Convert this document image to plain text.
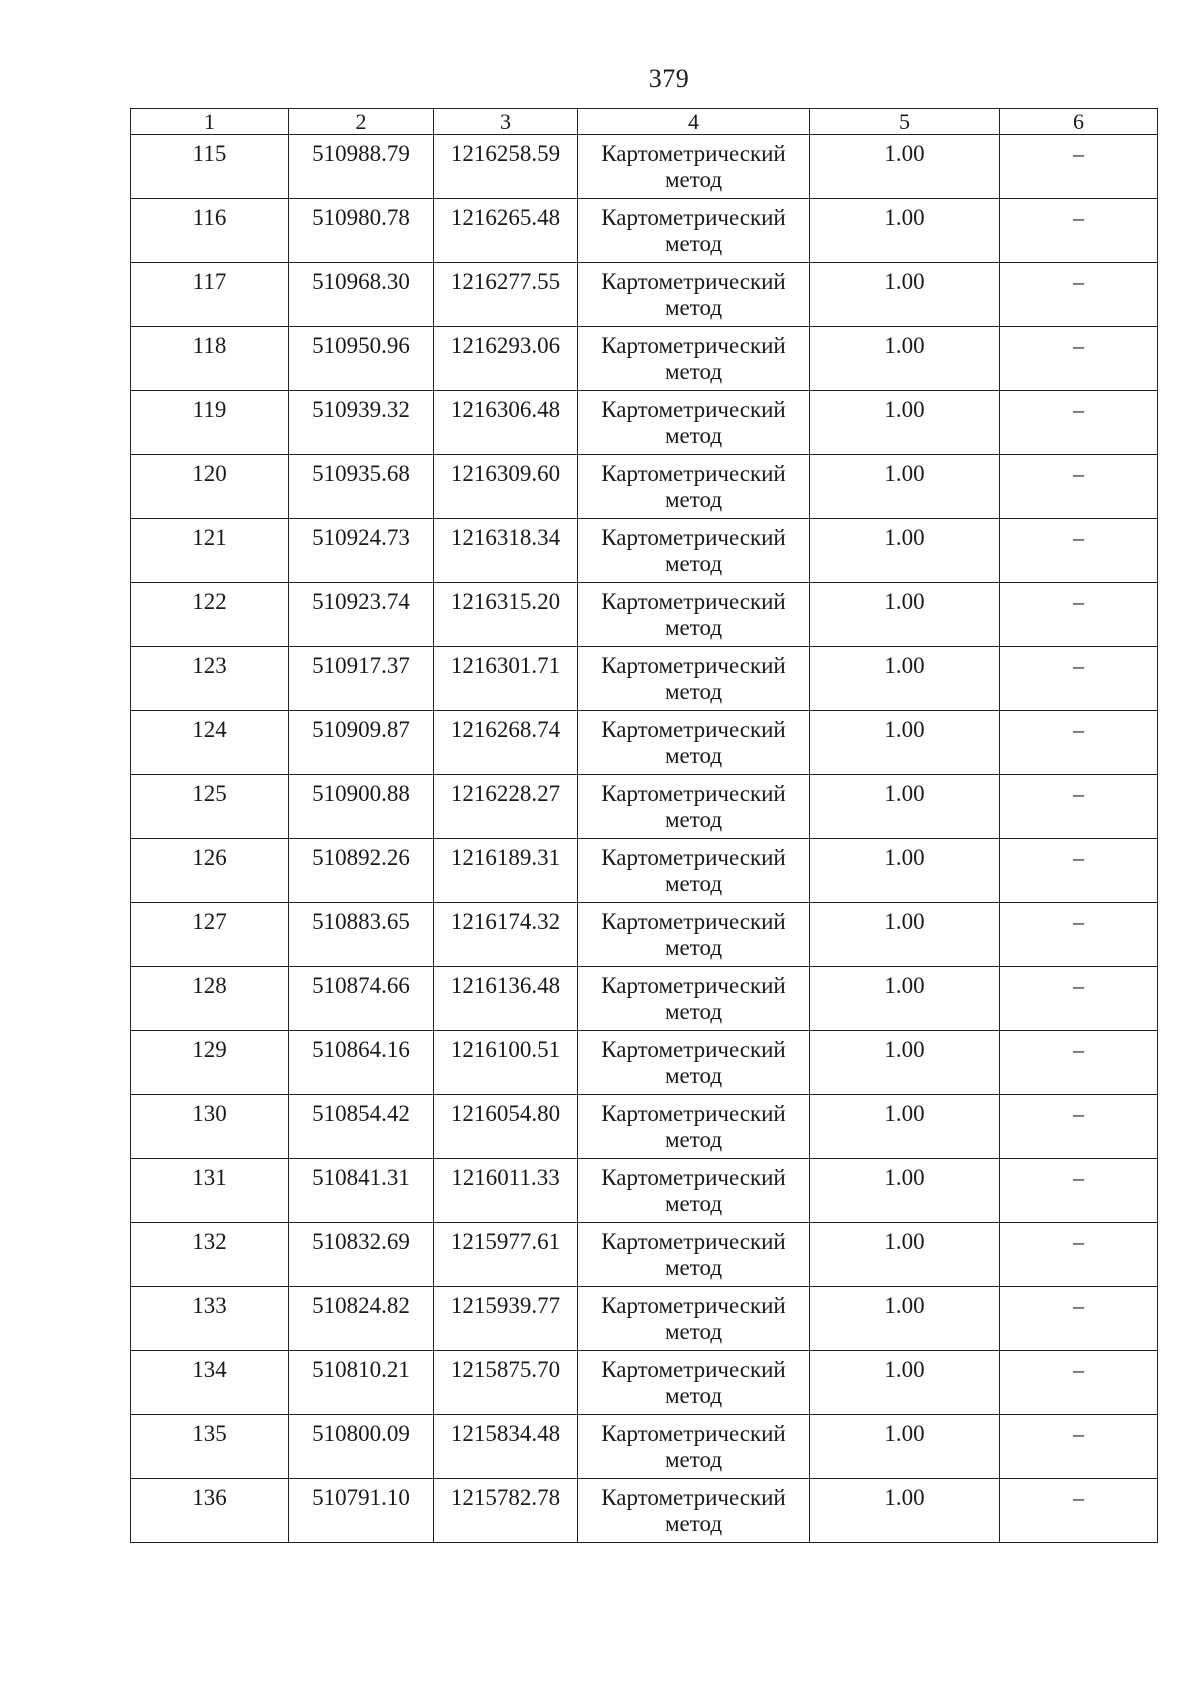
379
1	2	3	4	5	6
115	510988.79	1216258.59	Картометрический метод	1.00	–
116	510980.78	1216265.48	Картометрический метод	1.00	–
117	510968.30	1216277.55	Картометрический метод	1.00	–
118	510950.96	1216293.06	Картометрический метод	1.00	–
119	510939.32	1216306.48	Картометрический метод	1.00	–
120	510935.68	1216309.60	Картометрический метод	1.00	–
121	510924.73	1216318.34	Картометрический метод	1.00	–
122	510923.74	1216315.20	Картометрический метод	1.00	–
123	510917.37	1216301.71	Картометрический метод	1.00	–
124	510909.87	1216268.74	Картометрический метод	1.00	–
125	510900.88	1216228.27	Картометрический метод	1.00	–
126	510892.26	1216189.31	Картометрический метод	1.00	–
127	510883.65	1216174.32	Картометрический метод	1.00	–
128	510874.66	1216136.48	Картометрический метод	1.00	–
129	510864.16	1216100.51	Картометрический метод	1.00	–
130	510854.42	1216054.80	Картометрический метод	1.00	–
131	510841.31	1216011.33	Картометрический метод	1.00	–
132	510832.69	1215977.61	Картометрический метод	1.00	–
133	510824.82	1215939.77	Картометрический метод	1.00	–
134	510810.21	1215875.70	Картометрический метод	1.00	–
135	510800.09	1215834.48	Картометрический метод	1.00	–
136	510791.10	1215782.78	Картометрический метод	1.00	–
